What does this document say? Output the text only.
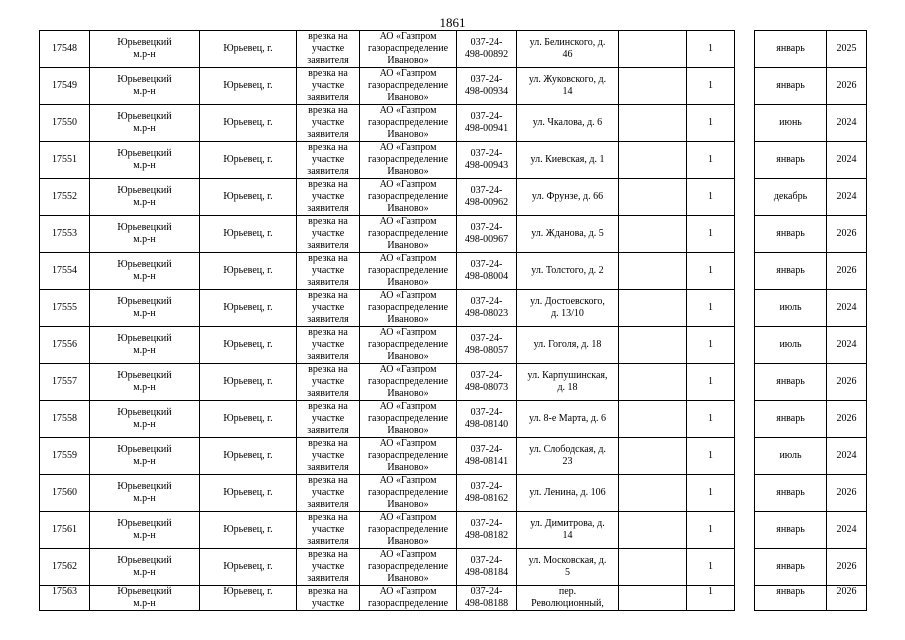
1861
17548	Юрьевецкий
м.р-н	Юрьевец, г.	врезка на
участке
заявителя	АО «Газпром
газораспределение
Иваново»	037-24-
498-00892	ул. Белинского, д.
46		1		январь	2025
17549	Юрьевецкий
м.р-н	Юрьевец, г.	врезка на
участке
заявителя	АО «Газпром
газораспределение
Иваново»	037-24-
498-00934	ул. Жуковского, д.
14		1		январь	2026
17550	Юрьевецкий
м.р-н	Юрьевец, г.	врезка на
участке
заявителя	АО «Газпром
газораспределение
Иваново»	037-24-
498-00941	ул. Чкалова, д. 6		1		июнь	2024
17551	Юрьевецкий
м.р-н	Юрьевец, г.	врезка на
участке
заявителя	АО «Газпром
газораспределение
Иваново»	037-24-
498-00943	ул. Киевская, д. 1		1		январь	2024
17552	Юрьевецкий
м.р-н	Юрьевец, г.	врезка на
участке
заявителя	АО «Газпром
газораспределение
Иваново»	037-24-
498-00962	ул. Фрунзе, д. 66		1		декабрь	2024
17553	Юрьевецкий
м.р-н	Юрьевец, г.	врезка на
участке
заявителя	АО «Газпром
газораспределение
Иваново»	037-24-
498-00967	ул. Жданова, д. 5		1		январь	2026
17554	Юрьевецкий
м.р-н	Юрьевец, г.	врезка на
участке
заявителя	АО «Газпром
газораспределение
Иваново»	037-24-
498-08004	ул. Толстого, д. 2		1		январь	2026
17555	Юрьевецкий
м.р-н	Юрьевец, г.	врезка на
участке
заявителя	АО «Газпром
газораспределение
Иваново»	037-24-
498-08023	ул. Достоевского,
д. 13/10		1		июль	2024
17556	Юрьевецкий
м.р-н	Юрьевец, г.	врезка на
участке
заявителя	АО «Газпром
газораспределение
Иваново»	037-24-
498-08057	ул. Гоголя, д. 18		1		июль	2024
17557	Юрьевецкий
м.р-н	Юрьевец, г.	врезка на
участке
заявителя	АО «Газпром
газораспределение
Иваново»	037-24-
498-08073	ул. Карпушинская,
д. 18		1		январь	2026
17558	Юрьевецкий
м.р-н	Юрьевец, г.	врезка на
участке
заявителя	АО «Газпром
газораспределение
Иваново»	037-24-
498-08140	ул. 8-е Марта, д. 6		1		январь	2026
17559	Юрьевецкий
м.р-н	Юрьевец, г.	врезка на
участке
заявителя	АО «Газпром
газораспределение
Иваново»	037-24-
498-08141	ул. Слободская, д.
23		1		июль	2024
17560	Юрьевецкий
м.р-н	Юрьевец, г.	врезка на
участке
заявителя	АО «Газпром
газораспределение
Иваново»	037-24-
498-08162	ул. Ленина, д. 106		1		январь	2026
17561	Юрьевецкий
м.р-н	Юрьевец, г.	врезка на
участке
заявителя	АО «Газпром
газораспределение
Иваново»	037-24-
498-08182	ул. Димитрова, д.
14		1		январь	2024
17562	Юрьевецкий
м.р-н	Юрьевец, г.	врезка на
участке
заявителя	АО «Газпром
газораспределение
Иваново»	037-24-
498-08184	ул. Московская, д.
5		1		январь	2026
17563	Юрьевецкий
м.р-н	Юрьевец, г.	врезка на
участке	АО «Газпром
газораспределение	037-24-
498-08188	пер.
Революционный,		1		январь	2026
